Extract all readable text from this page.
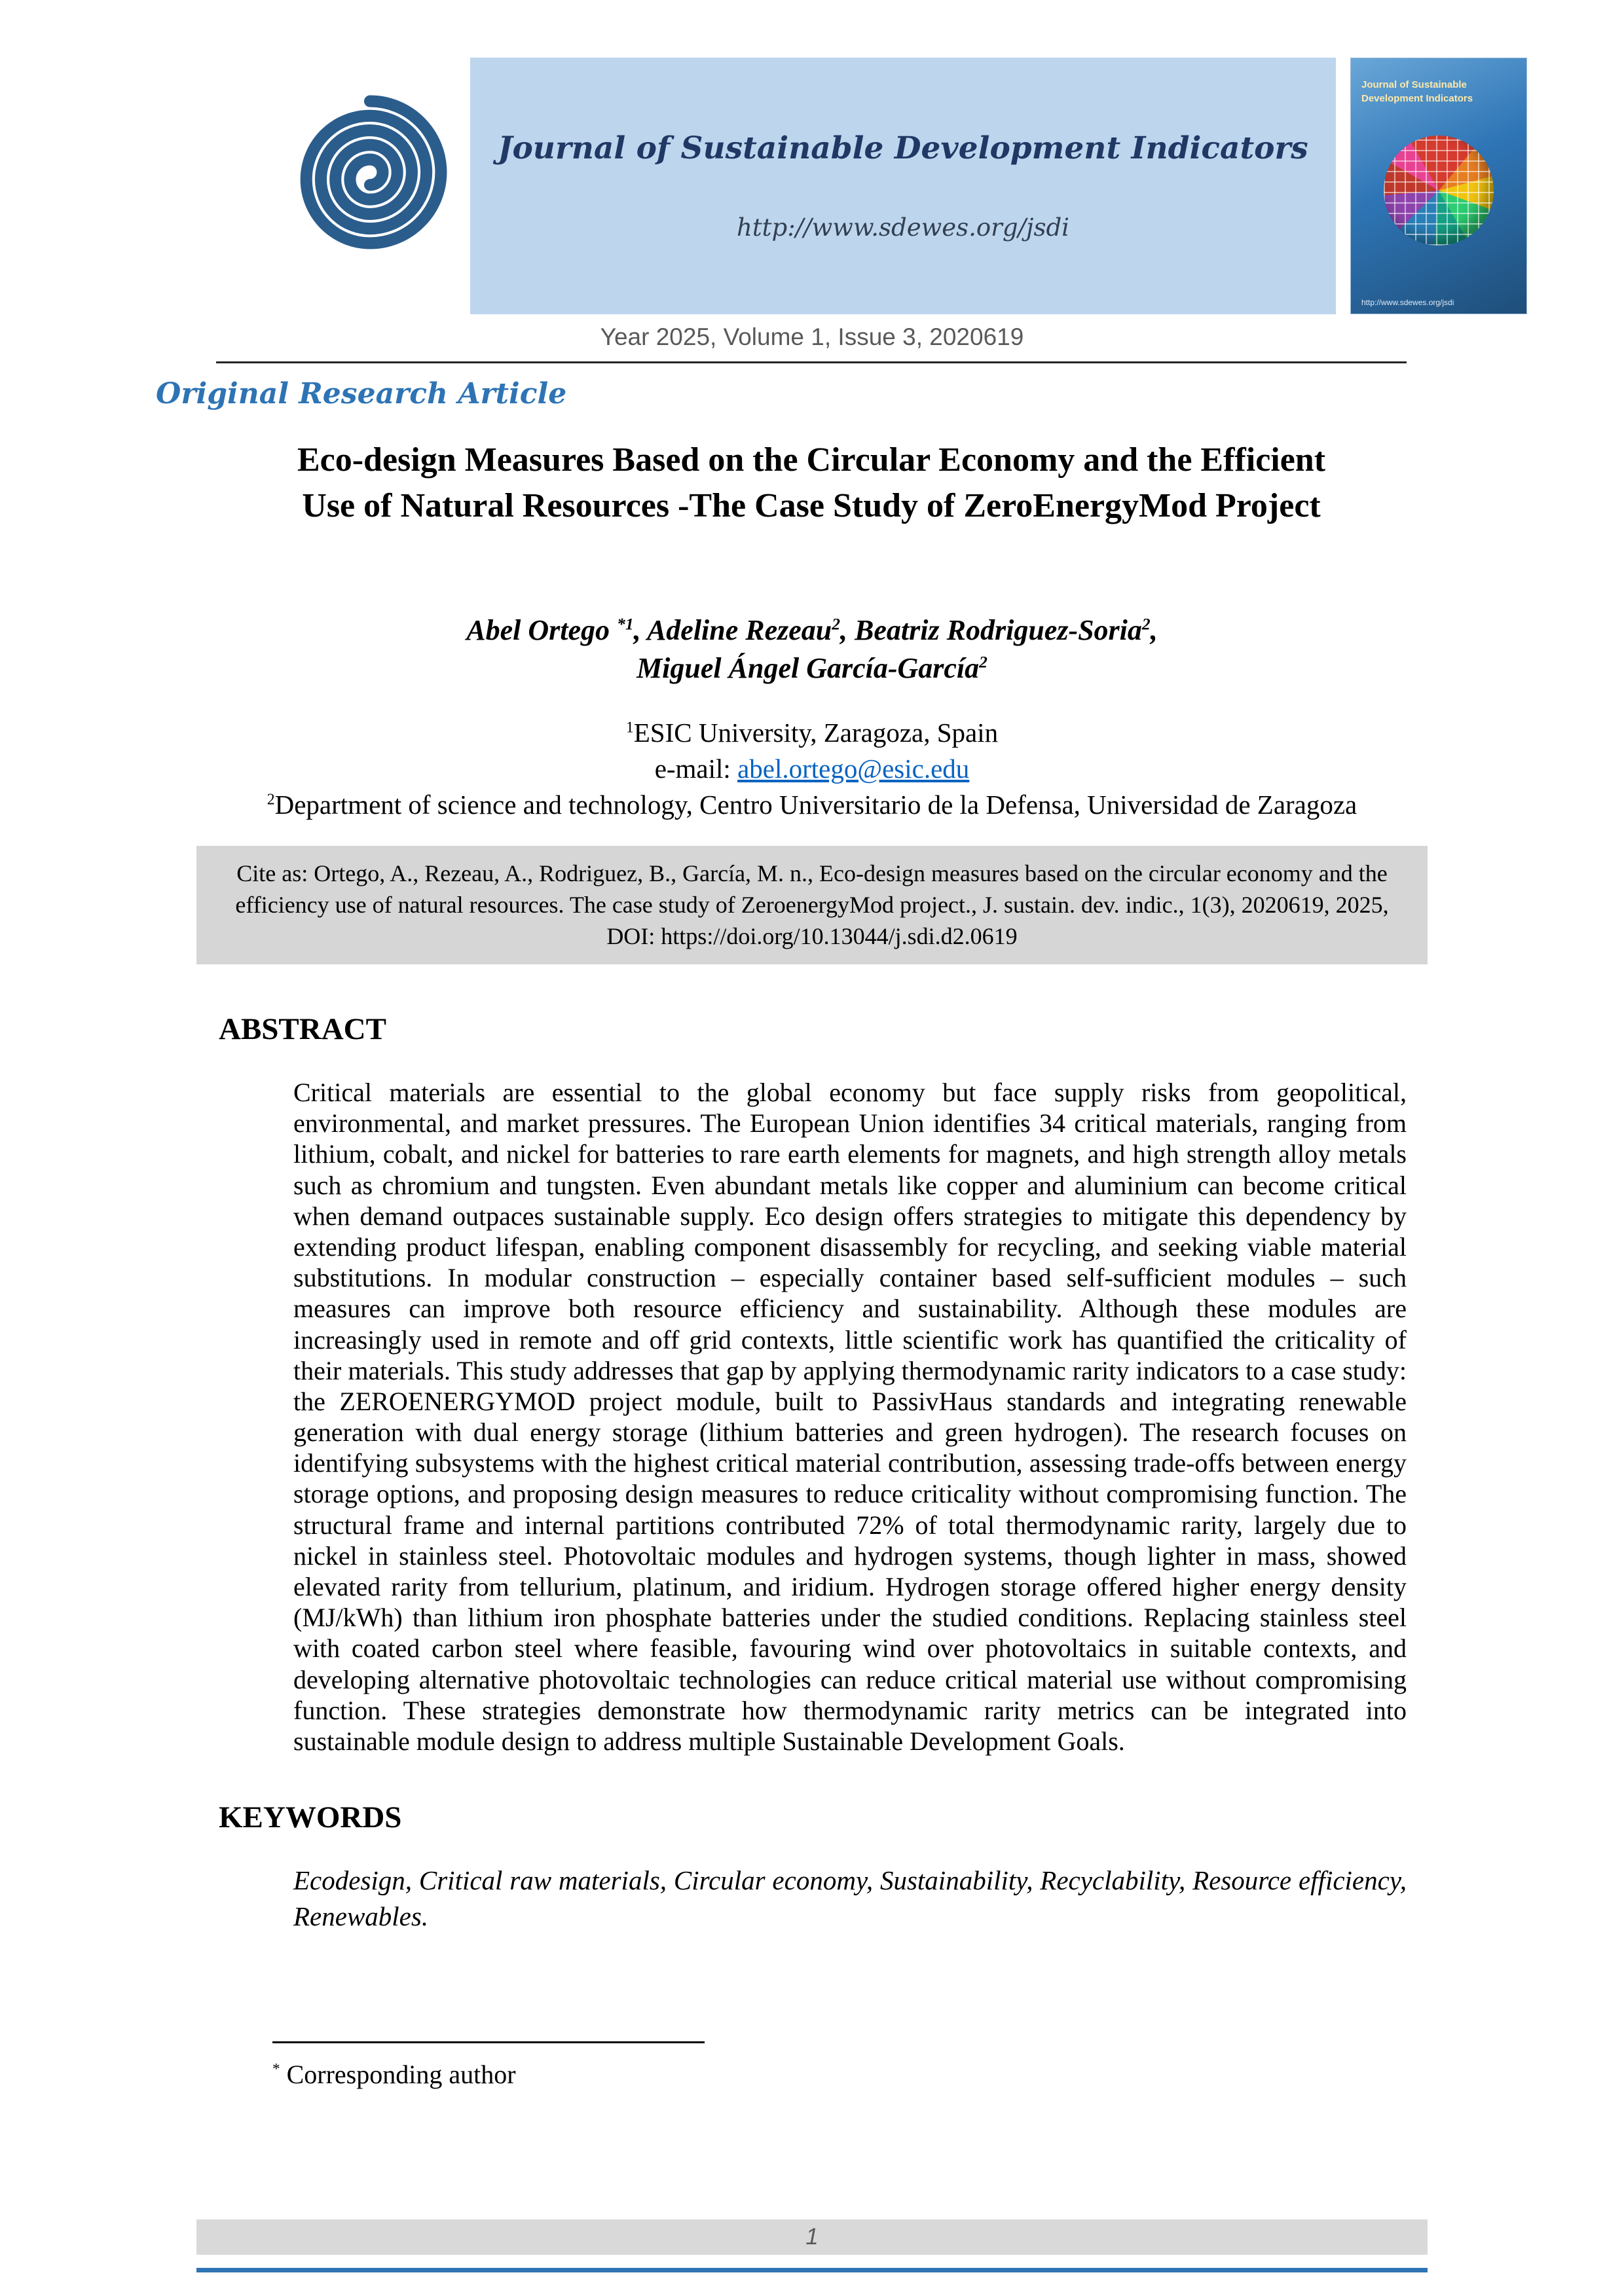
Journal of Sustainable Development Indicators
http://www.sdewes.org/jsdi
Journal of Sustainable
Development Indicators
http://www.sdewes.org/jsdi
Year 2025, Volume 1, Issue 3, 2020619
Original Research Article
Eco-design Measures Based on the Circular Economy and the Efficient
Use of Natural Resources -The Case Study of ZeroEnergyMod Project
Abel Ortego $^{*1}$, Adeline Rezeau$^2$, Beatriz Rodriguez-Soria$^2$,
Miguel Ángel García-García$^2$
$^1$ESIC University, Zaragoza, Spain
e-mail: abel.ortego@esic.edu
$^2$Department of science and technology, Centro Universitario de la Defensa, Universidad de Zaragoza
Cite as: Ortego, A., Rezeau, A., Rodriguez, B., García, M. n., Eco-design measures based on the circular economy and the efficiency use of natural resources. The case study of ZeroenergyMod project., J. sustain. dev. indic., 1(3), 2020619, 2025, DOI: https://doi.org/10.13044/j.sdi.d2.0619
ABSTRACT

Critical materials are essential to the global economy but face supply risks from geopolitical, environmental, and market pressures. The European Union identifies 34 critical materials, ranging from lithium, cobalt, and nickel for batteries to rare earth elements for magnets, and high strength alloy metals such as chromium and tungsten. Even abundant metals like copper and aluminium can become critical when demand outpaces sustainable supply. Eco design offers strategies to mitigate this dependency by extending product lifespan, enabling component disassembly for recycling, and seeking viable material substitutions. In modular construction – especially container based self-sufficient modules – such measures can improve both resource efficiency and sustainability. Although these modules are increasingly used in remote and off grid contexts, little scientific work has quantified the criticality of their materials. This study addresses that gap by applying thermodynamic rarity indicators to a case study: the ZEROENERGYMOD project module, built to PassivHaus standards and integrating renewable generation with dual energy storage (lithium batteries and green hydrogen). The research focuses on identifying subsystems with the highest critical material contribution, assessing trade-offs between energy storage options, and proposing design measures to reduce criticality without compromising function. The structural frame and internal partitions contributed 72% of total thermodynamic rarity, largely due to nickel in stainless steel. Photovoltaic modules and hydrogen systems, though lighter in mass, showed elevated rarity from tellurium, platinum, and iridium. Hydrogen storage offered higher energy density (MJ/kWh) than lithium iron phosphate batteries under the studied conditions. Replacing stainless steel with coated carbon steel where feasible, favouring wind over photovoltaics in suitable contexts, and developing alternative photovoltaic technologies can reduce critical material use without compromising function. These strategies demonstrate how thermodynamic rarity metrics can be integrated into sustainable module design to address multiple Sustainable Development Goals.

KEYWORDS

Ecodesign, Critical raw materials, Circular economy, Sustainability, Recyclability, Resource efficiency, Renewables.

* Corresponding author
1
